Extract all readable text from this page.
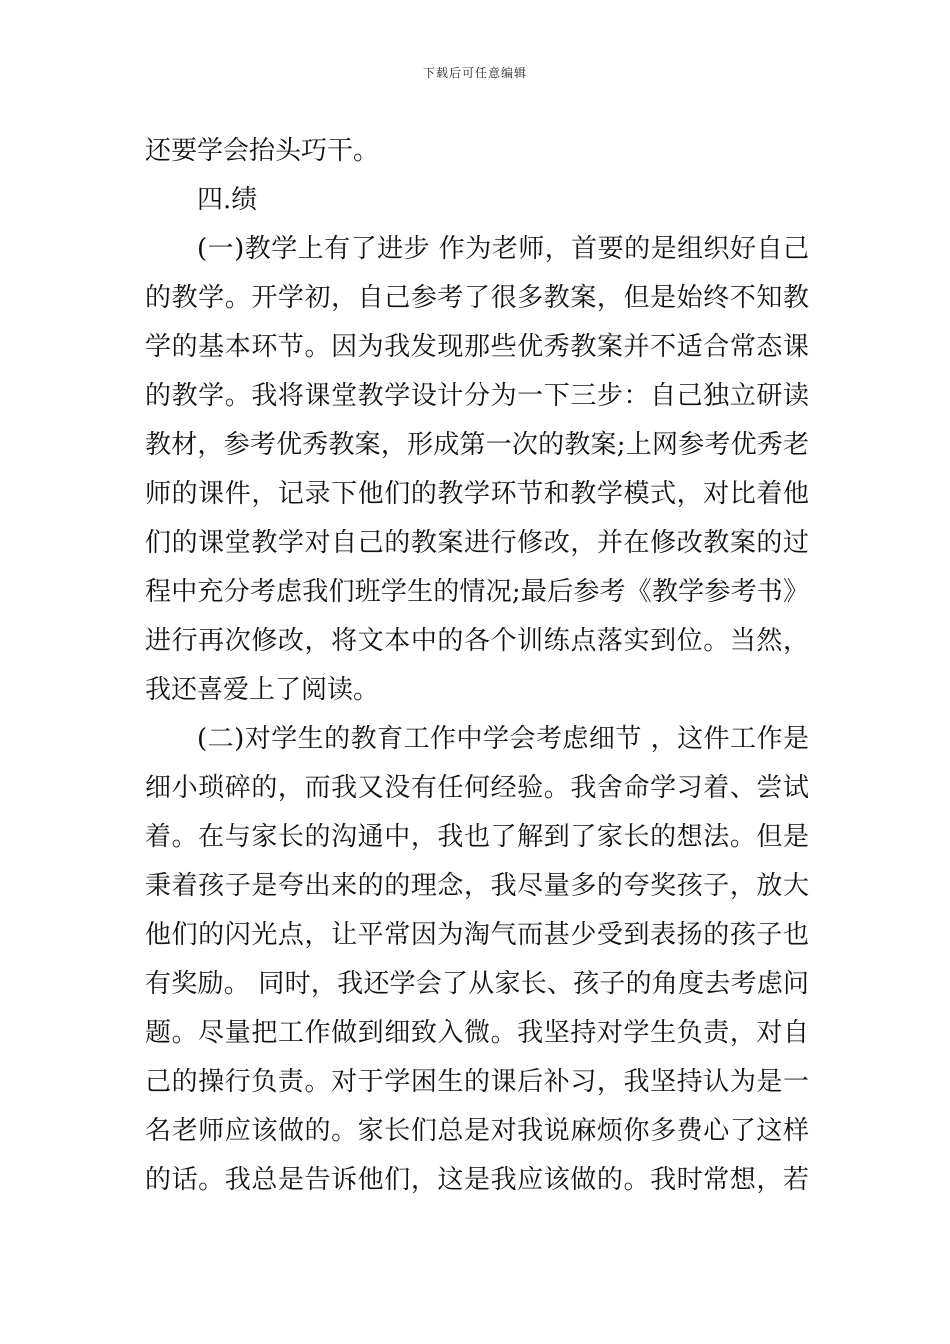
下载后可任意编辑
还要学会抬头巧干。
四.绩
(一)教学上有了进步 作为老师，首要的是组织好自己
的教学。开学初，自己参考了很多教案，但是始终不知教
学的基本环节。因为我发现那些优秀教案并不适合常态课
的教学。我将课堂教学设计分为一下三步：自己独立研读
教材，参考优秀教案，形成第一次的教案;上网参考优秀老
师的课件，记录下他们的教学环节和教学模式，对比着他
们的课堂教学对自己的教案进行修改，并在修改教案的过
程中充分考虑我们班学生的情况;最后参考《教学参考书》
进行再次修改，将文本中的各个训练点落实到位。当然，
我还喜爱上了阅读。
(二)对学生的教育工作中学会考虑细节 ，这件工作是
细小琐碎的，而我又没有任何经验。我舍命学习着、尝试
着。在与家长的沟通中，我也了解到了家长的想法。但是
秉着孩子是夸出来的的理念，我尽量多的夸奖孩子，放大
他们的闪光点，让平常因为淘气而甚少受到表扬的孩子也
有奖励。 同时，我还学会了从家长、孩子的角度去考虑问
题。尽量把工作做到细致入微。我坚持对学生负责，对自
己的操行负责。对于学困生的课后补习，我坚持认为是一
名老师应该做的。家长们总是对我说麻烦你多费心了这样
的话。我总是告诉他们，这是我应该做的。我时常想，若
